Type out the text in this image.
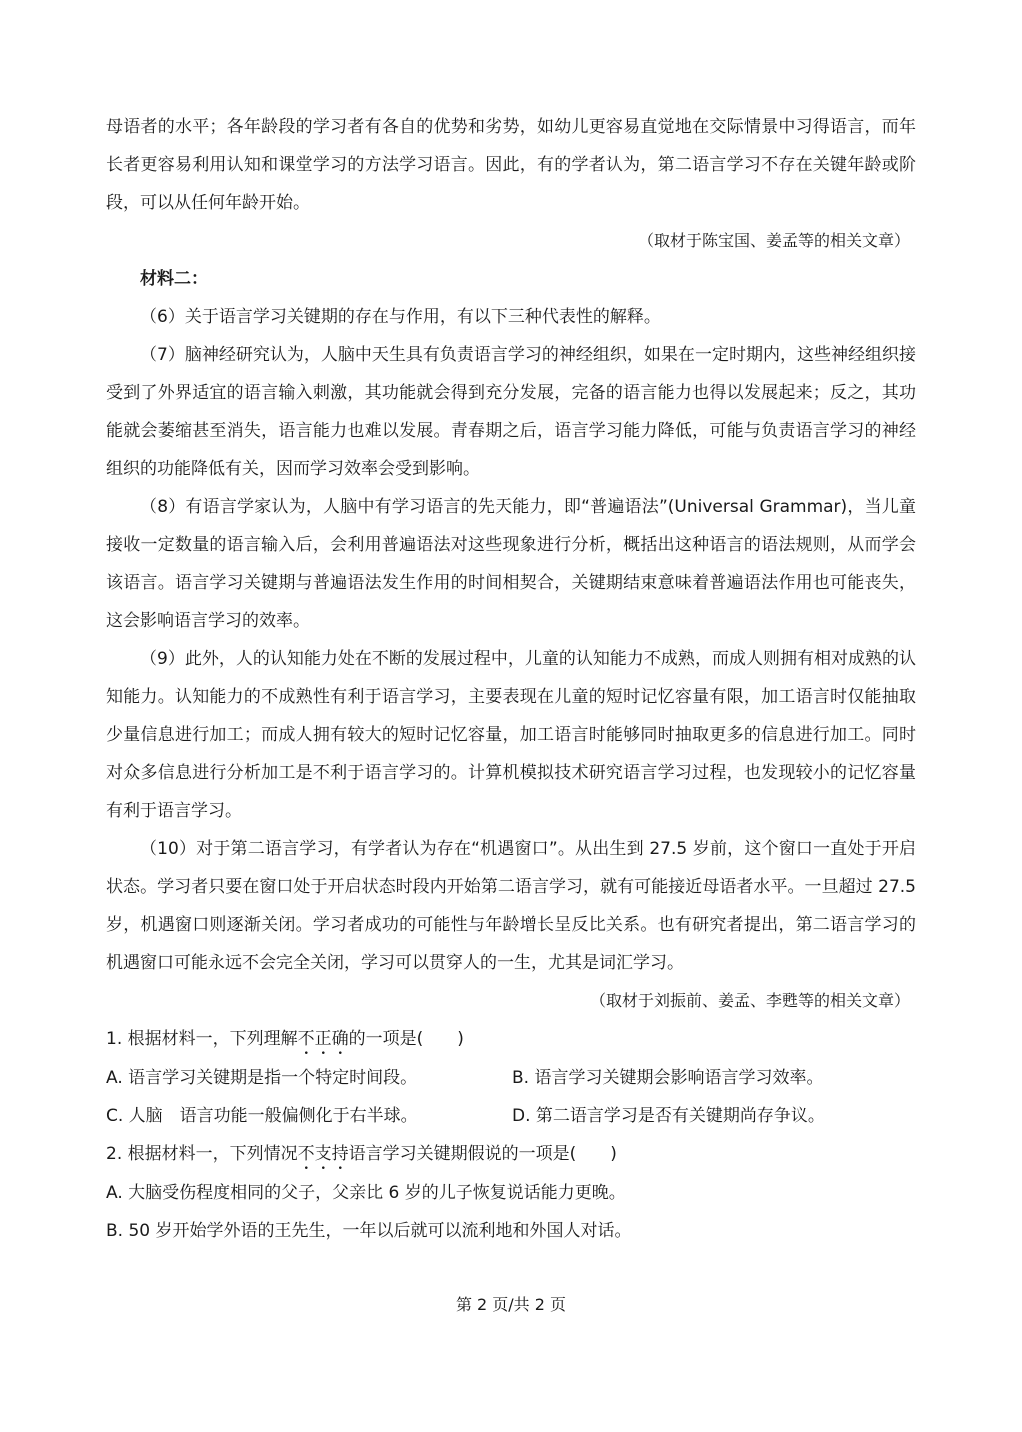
母语者的水平；各年龄段的学习者有各自的优势和劣势，如幼儿更容易直觉地在交际情景中习得语言，而年长者更容易利用认知和课堂学习的方法学习语言。因此，有的学者认为，第二语言学习不存在关键年龄或阶段，可以从任何年龄开始。

（取材于陈宝国、姜孟等的相关文章）

材料二：

（6）关于语言学习关键期的存在与作用，有以下三种代表性的解释。

（7）脑神经研究认为，人脑中天生具有负责语言学习的神经组织，如果在一定时期内，这些神经组织接受到了外界适宜的语言输入刺激，其功能就会得到充分发展，完备的语言能力也得以发展起来；反之，其功能就会萎缩甚至消失，语言能力也难以发展。青春期之后，语言学习能力降低，可能与负责语言学习的神经组织的功能降低有关，因而学习效率会受到影响。

（8）有语言学家认为，人脑中有学习语言的先天能力，即“普遍语法”(Universal Grammar)，当儿童接收一定数量的语言输入后，会利用普遍语法对这些现象进行分析，概括出这种语言的语法规则，从而学会该语言。语言学习关键期与普遍语法发生作用的时间相契合，关键期结束意味着普遍语法作用也可能丧失，这会影响语言学习的效率。

（9）此外，人的认知能力处在不断的发展过程中，儿童的认知能力不成熟，而成人则拥有相对成熟的认知能力。认知能力的不成熟性有利于语言学习，主要表现在儿童的短时记忆容量有限，加工语言时仅能抽取少量信息进行加工；而成人拥有较大的短时记忆容量，加工语言时能够同时抽取更多的信息进行加工。同时对众多信息进行分析加工是不利于语言学习的。计算机模拟技术研究语言学习过程，也发现较小的记忆容量有利于语言学习。

（10）对于第二语言学习，有学者认为存在“机遇窗口”。从出生到 27.5 岁前，这个窗口一直处于开启状态。学习者只要在窗口处于开启状态时段内开始第二语言学习，就有可能接近母语者水平。一旦超过 27.5 岁，机遇窗口则逐渐关闭。学习者成功的可能性与年龄增长呈反比关系。也有研究者提出，第二语言学习的机遇窗口可能永远不会完全关闭，学习可以贯穿人的一生，尤其是词汇学习。

（取材于刘振前、姜孟、李甦等的相关文章）

1. 根据材料一，下列理解不正确的一项是(　　)

A. 语言学习关键期是指一个特定时间段。	B. 语言学习关键期会影响语言学习效率。
C. 人脑　语言功能一般偏侧化于右半球。	D. 第二语言学习是否有关键期尚存争议。

2. 根据材料一，下列情况不支持语言学习关键期假说的一项是(　　)

A. 大脑受伤程度相同的父子，父亲比 6 岁的儿子恢复说话能力更晚。

B. 50 岁开始学外语的王先生，一年以后就可以流利地和外国人对话。

第 2 页/共 2 页
